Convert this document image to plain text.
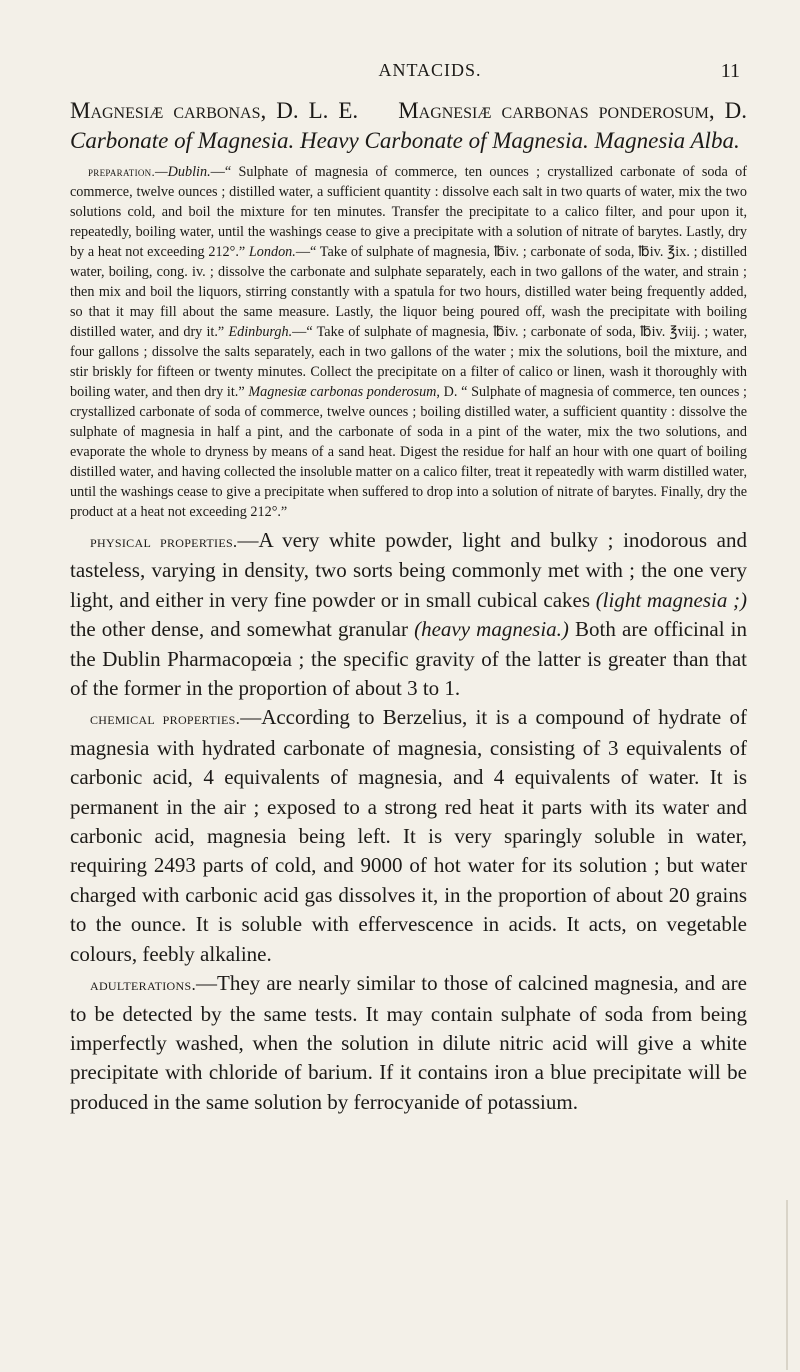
ANTACIDS.	11

Magnesiæ carbonas, D. L. E. Magnesiæ carbonas ponderosum, D. Carbonate of Magnesia. Heavy Carbonate of Magnesia. Magnesia Alba.

preparation.—Dublin.—“ Sulphate of magnesia of commerce, ten ounces ; crystallized carbonate of soda of commerce, twelve ounces ; distilled water, a sufficient quantity : dissolve each salt in two quarts of water, mix the two solutions cold, and boil the mixture for ten minutes. Transfer the precipitate to a calico filter, and pour upon it, repeatedly, boiling water, until the washings cease to give a precipitate with a solution of nitrate of barytes. Lastly, dry by a heat not exceeding 212°.” London.—“ Take of sulphate of magnesia, ℔iv. ; carbonate of soda, ℔iv. ℥ix. ; distilled water, boiling, cong. iv. ; dissolve the carbonate and sulphate separately, each in two gallons of the water, and strain ; then mix and boil the liquors, stirring constantly with a spatula for two hours, distilled water being frequently added, so that it may fill about the same measure. Lastly, the liquor being poured off, wash the precipitate with boiling distilled water, and dry it.” Edinburgh.—“ Take of sulphate of magnesia, ℔iv. ; carbonate of soda, ℔iv. ℥viij. ; water, four gallons ; dissolve the salts separately, each in two gallons of the water ; mix the solutions, boil the mixture, and stir briskly for fifteen or twenty minutes. Collect the precipitate on a filter of calico or linen, wash it thoroughly with boiling water, and then dry it.” Magnesiæ carbonas ponderosum, D. “ Sulphate of magnesia of commerce, ten ounces ; crystallized carbonate of soda of commerce, twelve ounces ; boiling distilled water, a sufficient quantity : dissolve the sulphate of magnesia in half a pint, and the carbonate of soda in a pint of the water, mix the two solutions, and evaporate the whole to dryness by means of a sand heat. Digest the residue for half an hour with one quart of boiling distilled water, and having collected the insoluble matter on a calico filter, treat it repeatedly with warm distilled water, until the washings cease to give a precipitate when suffered to drop into a solution of nitrate of barytes. Finally, dry the product at a heat not exceeding 212°.”

physical properties.—A very white powder, light and bulky ; inodorous and tasteless, varying in density, two sorts being commonly met with ; the one very light, and either in very fine powder or in small cubical cakes (light magnesia ;) the other dense, and somewhat granular (heavy magnesia.) Both are officinal in the Dublin Pharmacopœia ; the specific gravity of the latter is greater than that of the former in the proportion of about 3 to 1.

chemical properties.—According to Berzelius, it is a compound of hydrate of magnesia with hydrated carbonate of magnesia, consisting of 3 equivalents of carbonic acid, 4 equivalents of magnesia, and 4 equivalents of water. It is permanent in the air ; exposed to a strong red heat it parts with its water and carbonic acid, magnesia being left. It is very sparingly soluble in water, requiring 2493 parts of cold, and 9000 of hot water for its solution ; but water charged with carbonic acid gas dissolves it, in the proportion of about 20 grains to the ounce. It is soluble with effervescence in acids. It acts, on vegetable colours, feebly alkaline.

adulterations.—They are nearly similar to those of calcined magnesia, and are to be detected by the same tests. It may contain sulphate of soda from being imperfectly washed, when the solution in dilute nitric acid will give a white precipitate with chloride of barium. If it contains iron a blue precipitate will be produced in the same solution by ferrocyanide of potassium.
